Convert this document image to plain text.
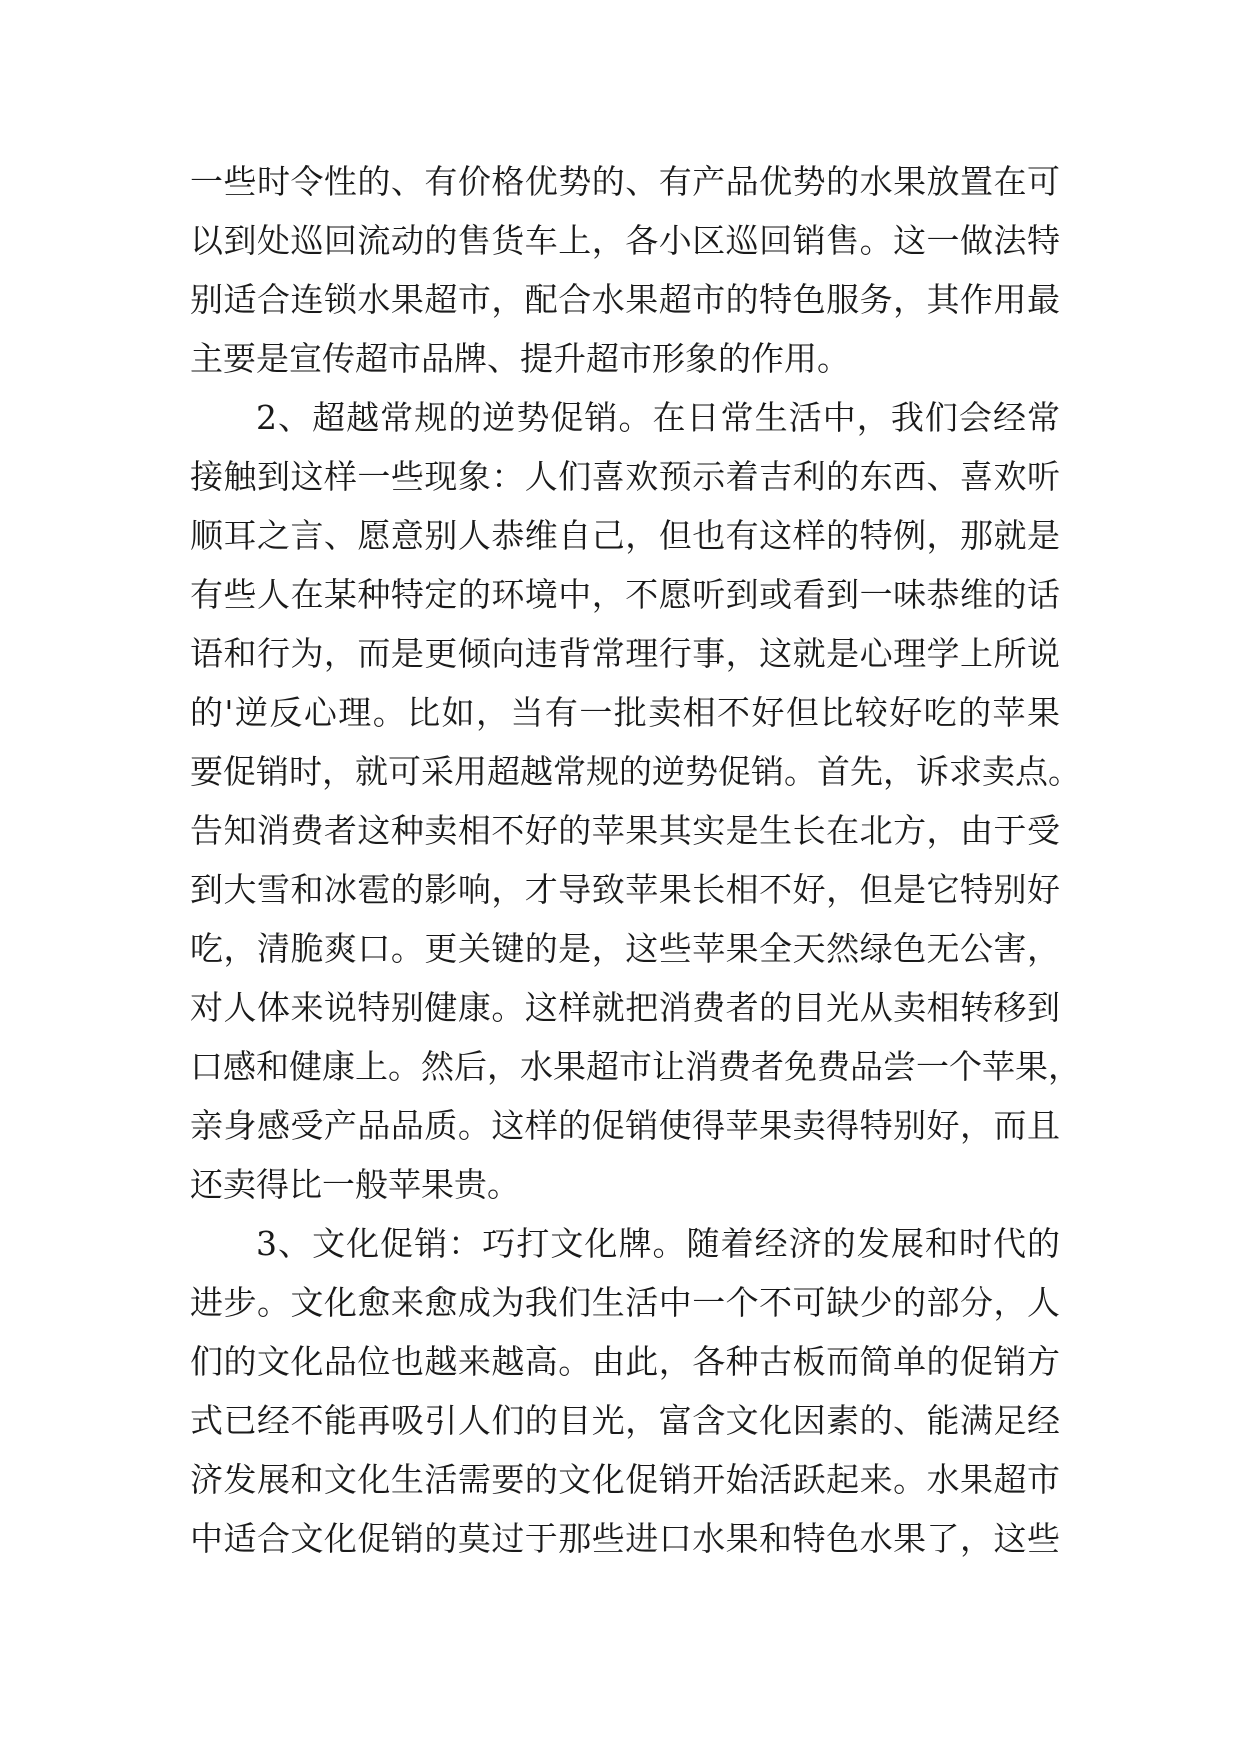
一些时令性的、有价格优势的、有产品优势的水果放置在可
以到处巡回流动的售货车上，各小区巡回销售。这一做法特
别适合连锁水果超市，配合水果超市的特色服务，其作用最
主要是宣传超市品牌、提升超市形象的作用。
2、超越常规的逆势促销。在日常生活中，我们会经常
接触到这样一些现象：人们喜欢预示着吉利的东西、喜欢听
顺耳之言、愿意别人恭维自己，但也有这样的特例，那就是
有些人在某种特定的环境中，不愿听到或看到一味恭维的话
语和行为，而是更倾向违背常理行事，这就是心理学上所说
的'逆反心理。比如，当有一批卖相不好但比较好吃的苹果
要促销时，就可采用超越常规的逆势促销。首先，诉求卖点。
告知消费者这种卖相不好的苹果其实是生长在北方，由于受
到大雪和冰雹的影响，才导致苹果长相不好，但是它特别好
吃，清脆爽口。更关键的是，这些苹果全天然绿色无公害，
对人体来说特别健康。这样就把消费者的目光从卖相转移到
口感和健康上。然后，水果超市让消费者免费品尝一个苹果，
亲身感受产品品质。这样的促销使得苹果卖得特别好，而且
还卖得比一般苹果贵。
3、文化促销：巧打文化牌。随着经济的发展和时代的
进步。文化愈来愈成为我们生活中一个不可缺少的部分，人
们的文化品位也越来越高。由此，各种古板而简单的促销方
式已经不能再吸引人们的目光，富含文化因素的、能满足经
济发展和文化生活需要的文化促销开始活跃起来。水果超市
中适合文化促销的莫过于那些进口水果和特色水果了，这些
